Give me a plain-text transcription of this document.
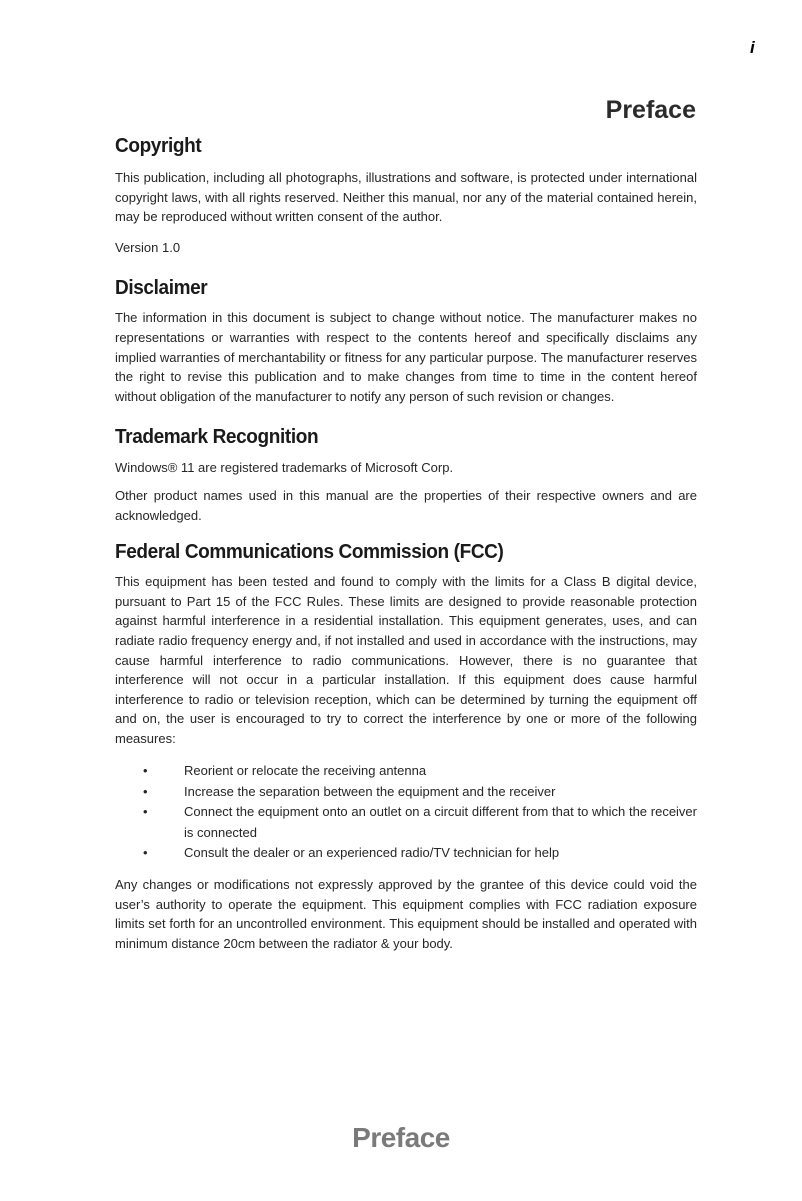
i
Preface
Copyright

This publication, including all photographs, illustrations and software, is protected under international copyright laws, with all rights reserved. Neither this manual, nor any of the material contained herein, may be reproduced without written consent of the author.

Version 1.0

Disclaimer

The information in this document is subject to change without notice. The manufacturer makes no representations or warranties with respect to the contents hereof and specifically disclaims any implied warranties of merchantability or fitness for any particular purpose. The manufacturer reserves the right to revise this publication and to make changes from time to time in the content hereof without obligation of the manufacturer to notify any person of such revision or changes.

Trademark Recognition

Windows® 11 are registered trademarks of Microsoft Corp.

Other product names used in this manual are the properties of their respective owners and are acknowledged.

Federal Communications Commission (FCC)

This equipment has been tested and found to comply with the limits for a Class B digital device, pursuant to Part 15 of the FCC Rules. These limits are designed to provide reasonable protection against harmful interference in a residential installation. This equipment generates, uses, and can radiate radio frequency energy and, if not installed and used in accordance with the instructions, may cause harmful interference to radio communications. However, there is no guarantee that interference will not occur in a particular installation. If this equipment does cause harmful interference to radio or television reception, which can be determined by turning the equipment off and on, the user is encouraged to try to correct the interference by one or more of the following measures:

•	Reorient or relocate the receiving antenna
•	Increase the separation between the equipment and the receiver
•	Connect the equipment onto an outlet on a circuit different from that to which the receiver is connected
•	Consult the dealer or an experienced radio/TV technician for help

Any changes or modifications not expressly approved by the grantee of this device could void the user’s authority to operate the equipment. This equipment complies with FCC radiation exposure limits set forth for an uncontrolled environment. This equipment should be installed and operated with minimum distance 20cm between the radiator & your body.

Preface
